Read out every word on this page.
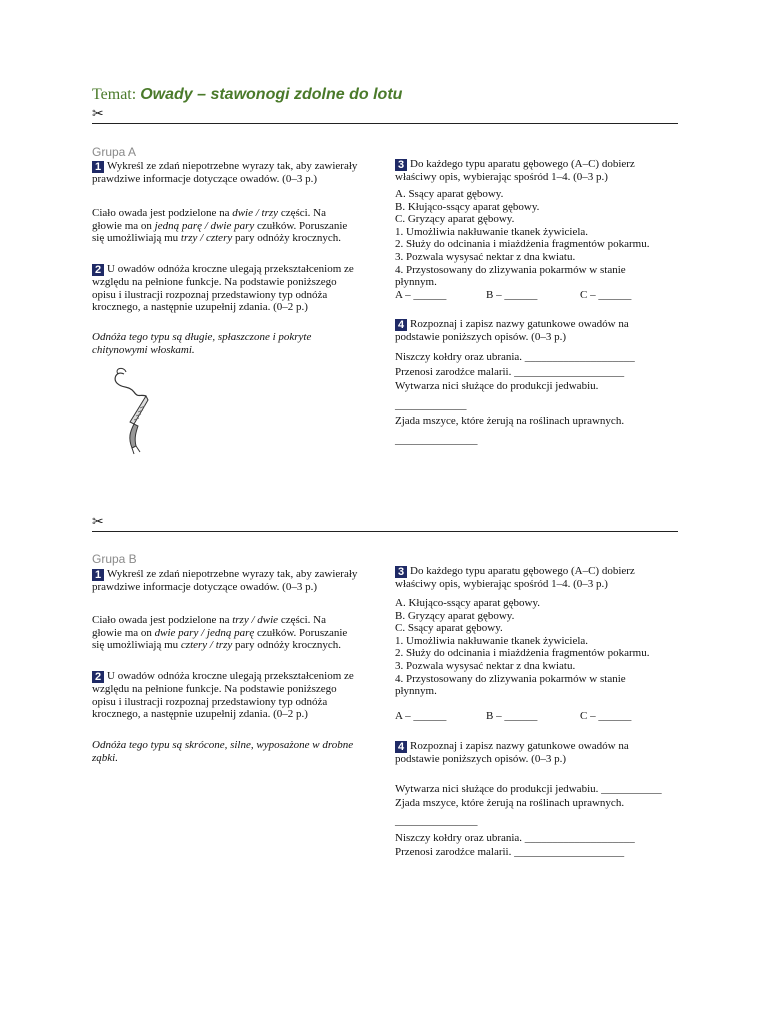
Temat: Owady – stawonogi zdolne do lotu
✂
Grupa A
1 Wykreśl ze zdań niepotrzebne wyrazy tak, aby zawierały
prawdziwe informacje dotyczące owadów. (0–3 p.)
Ciało owada jest podzielone na dwie / trzy części. Na
głowie ma on jedną parę / dwie pary czułków. Poruszanie
się umożliwiają mu trzy / cztery pary odnóży krocznych.
2 U owadów odnóża kroczne ulegają przekształceniom ze
względu na pełnione funkcje. Na podstawie poniższego
opisu i ilustracji rozpoznaj przedstawiony typ odnóża
krocznego, a następnie uzupełnij zdania. (0–2 p.)
Odnóża tego typu są długie, spłaszczone i pokryte
chitynowymi włoskami.
3 Do każdego typu aparatu gębowego (A–C) dobierz
właściwy opis, wybierając spośród 1–4. (0–3 p.)
A. Ssący aparat gębowy.
B. Kłująco-ssący aparat gębowy.
C. Gryzący aparat gębowy.
1. Umożliwia nakłuwanie tkanek żywiciela.
2. Służy do odcinania i miażdżenia fragmentów pokarmu.
3. Pozwala wysysać nektar z dna kwiatu.
4. Przystosowany do zlizywania pokarmów w stanie
płynnym.
A – ______	B – ______	C – ______
4 Rozpoznaj i zapisz nazwy gatunkowe owadów na
podstawie poniższych opisów. (0–3 p.)
Niszczy kołdry oraz ubrania. ____________________
Przenosi zarodźce malarii. ____________________
Wytwarza nici służące do produkcji jedwabiu.
_____________
Zjada mszyce, które żerują na roślinach uprawnych.
_______________
✂
Grupa B
1 Wykreśl ze zdań niepotrzebne wyrazy tak, aby zawierały
prawdziwe informacje dotyczące owadów. (0–3 p.)
Ciało owada jest podzielone na trzy / dwie części. Na
głowie ma on dwie pary / jedną parę czułków. Poruszanie
się umożliwiają mu cztery / trzy pary odnóży krocznych.
2 U owadów odnóża kroczne ulegają przekształceniom ze
względu na pełnione funkcje. Na podstawie poniższego
opisu i ilustracji rozpoznaj przedstawiony typ odnóża
krocznego, a następnie uzupełnij zdania. (0–2 p.)
Odnóża tego typu są skrócone, silne, wyposażone w drobne
ząbki.
3 Do każdego typu aparatu gębowego (A–C) dobierz
właściwy opis, wybierając spośród 1–4. (0–3 p.)
A. Kłująco-ssący aparat gębowy.
B. Gryzący aparat gębowy.
C. Ssący aparat gębowy.
1. Umożliwia nakłuwanie tkanek żywiciela.
2. Służy do odcinania i miażdżenia fragmentów pokarmu.
3. Pozwala wysysać nektar z dna kwiatu.
4. Przystosowany do zlizywania pokarmów w stanie
płynnym.
A – ______	B – ______	C – ______
4 Rozpoznaj i zapisz nazwy gatunkowe owadów na
podstawie poniższych opisów. (0–3 p.)
Wytwarza nici służące do produkcji jedwabiu. ___________
Zjada mszyce, które żerują na roślinach uprawnych.
_______________
Niszczy kołdry oraz ubrania. ____________________
Przenosi zarodźce malarii. ____________________
